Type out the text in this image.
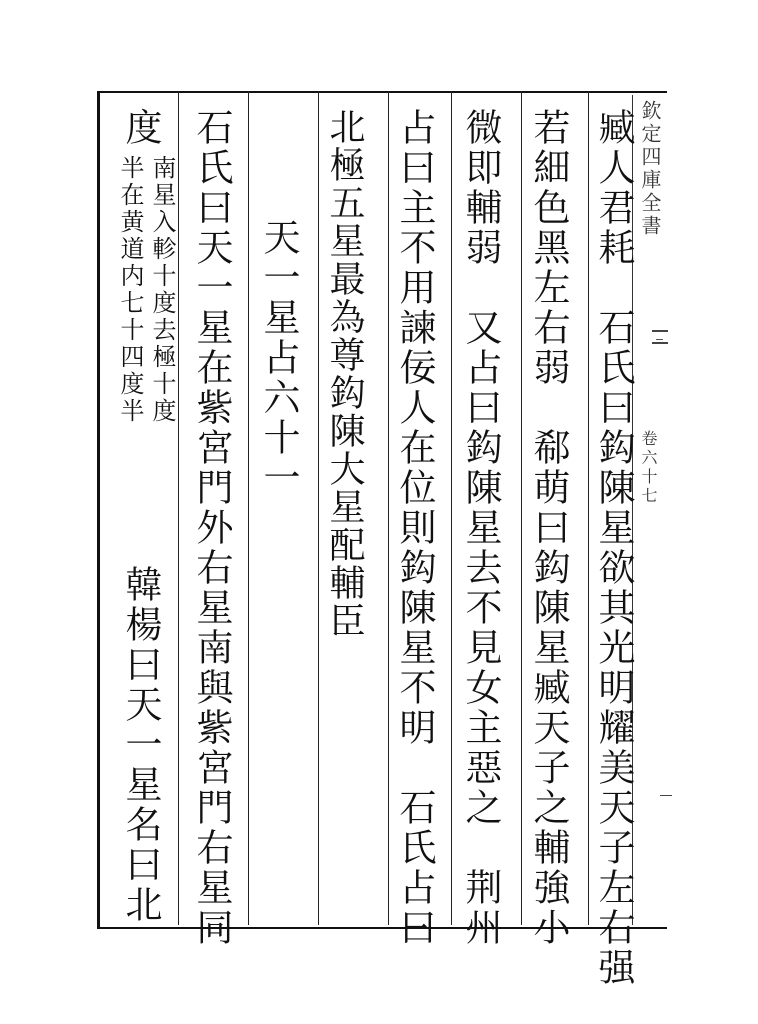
欽定四庫全書
卷六十七
臧人君耗　石氏曰鈎陳星欲其光明耀美天子左右强
若細色黑左右弱　郗萌曰鈎陳星臧天子之輔強小
微即輔弱　又占曰鈎陳星去不見女主惡之　荆州
占曰主不用諫佞人在位則鈎陳星不明　石氏占曰
北極五星最為尊鈎陳大星配輔臣
天一星占六十一
石氏曰天一星在紫宮門外右星南與紫宮門右星同
度
南星入軫十度去極十度
半在黄道内七十四度半
韓楊曰天一星名曰北
